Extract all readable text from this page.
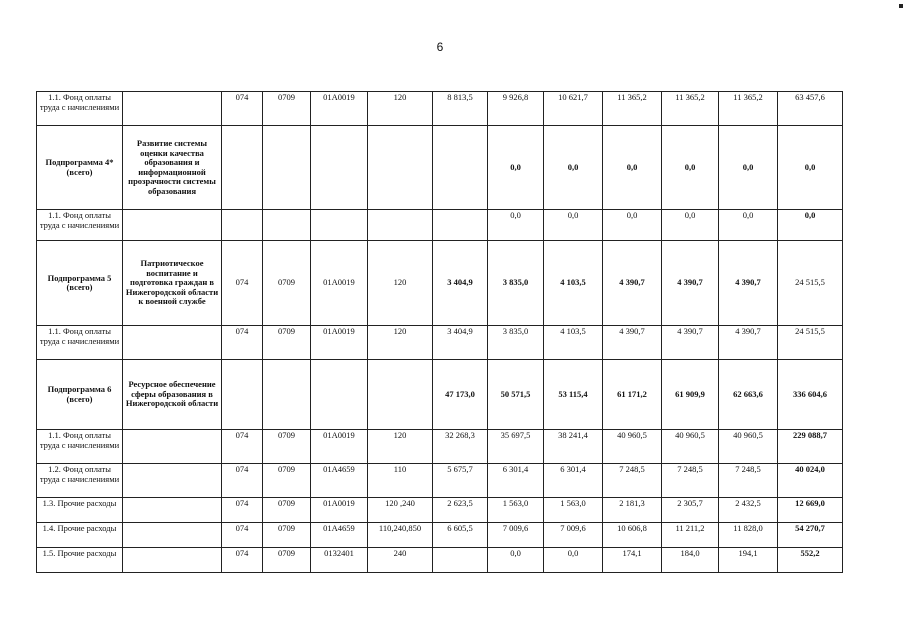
6
1.1. Фонд оплаты труда с начислениями		074	0709	01А0019	120	8 813,5	9 926,8	10 621,7	11 365,2	11 365,2	11 365,2	63 457,6
Подпрограмма 4* (всего)	Развитие системы оценки качества образования и информационной прозрачности системы образования						0,0	0,0	0,0	0,0	0,0	0,0
1.1. Фонд оплаты труда с начислениями							0,0	0,0	0,0	0,0	0,0	0,0
Подпрограмма 5 (всего)	Патриотическое воспитание и подготовка граждан в Нижегородской области к военной службе	074	0709	01А0019	120	3 404,9	3 835,0	4 103,5	4 390,7	4 390,7	4 390,7	24 515,5
1.1. Фонд оплаты труда с начислениями		074	0709	01А0019	120	3 404,9	3 835,0	4 103,5	4 390,7	4 390,7	4 390,7	24 515,5
Подпрограмма 6 (всего)	Ресурсное обеспечение сферы образования в Нижегородской области					47 173,0	50 571,5	53 115,4	61 171,2	61 909,9	62 663,6	336 604,6
1.1. Фонд оплаты труда с начислениями		074	0709	01А0019	120	32 268,3	35 697,5	38 241,4	40 960,5	40 960,5	40 960,5	229 088,7
1.2. Фонд оплаты труда с начислениями		074	0709	01А4659	110	5 675,7	6 301,4	6 301,4	7 248,5	7 248,5	7 248,5	40 024,0
1.3. Прочие расходы		074	0709	01А0019	120 ,240	2 623,5	1 563,0	1 563,0	2 181,3	2 305,7	2 432,5	12 669,0
1.4. Прочие расходы		074	0709	01А4659	110,240,850	6 605,5	7 009,6	7 009,6	10 606,8	11 211,2	11 828,0	54 270,7
1.5. Прочие расходы		074	0709	0132401	240		0,0	0,0	174,1	184,0	194,1	552,2
